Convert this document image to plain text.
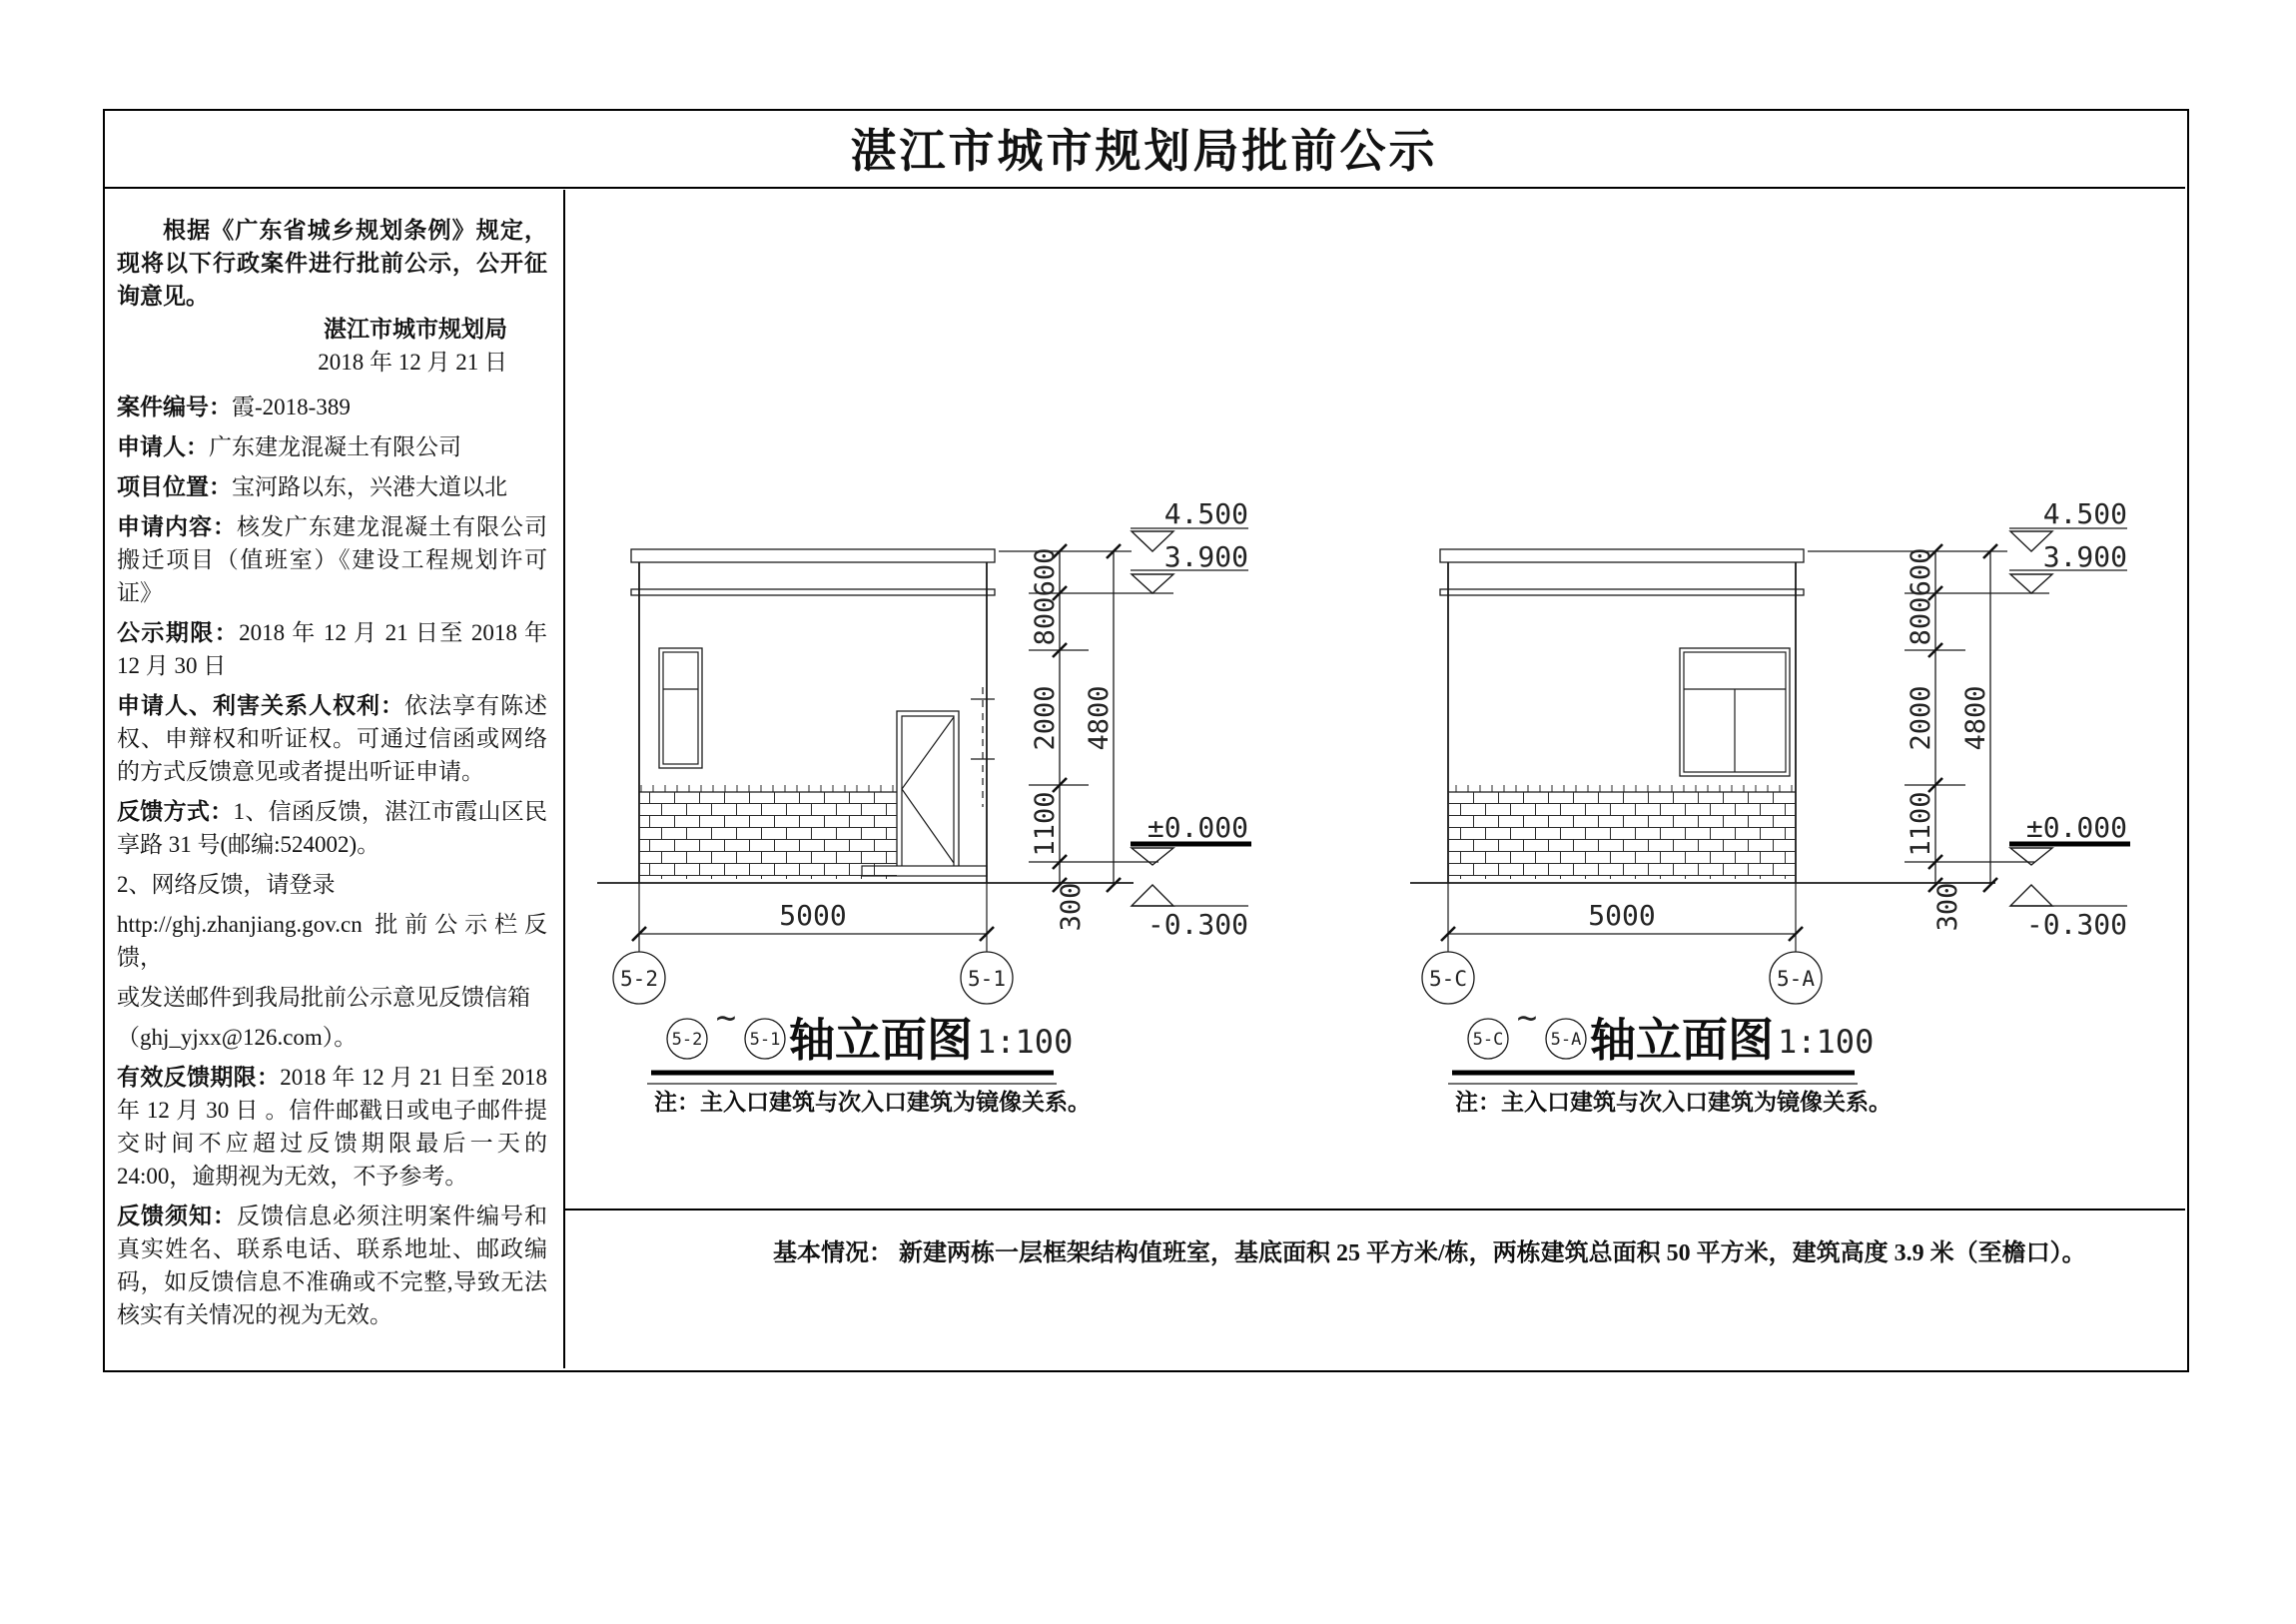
湛江市城市规划局批前公示

根据《广东省城乡规划条例》规定，现将以下行政案件进行批前公示，公开征询意见。

湛江市城市规划局

2018 年 12 月 21 日

案件编号：霞-2018-389

申请人：广东建龙混凝土有限公司

项目位置：宝河路以东，兴港大道以北

申请内容：核发广东建龙混凝土有限公司搬迁项目（值班室）《建设工程规划许可证》

公示期限：2018 年 12 月 21 日至 2018 年 12 月 30 日

申请人、利害关系人权利：依法享有陈述权、申辩权和听证权。可通过信函或网络的方式反馈意见或者提出听证申请。

反馈方式：1、信函反馈，湛江市霞山区民享路 31 号(邮编:524002)。

2、网络反馈，请登录

http://ghj.zhanjiang.gov.cn 批前公示栏反馈，

或发送邮件到我局批前公示意见反馈信箱

（ghj_yjxx@126.com）。

有效反馈期限：2018 年 12 月 21 日至 2018 年 12 月 30 日 。信件邮戳日或电子邮件提交时间不应超过反馈期限最后一天的 24:00，逾期视为无效，不予参考。

反馈须知：反馈信息必须注明案件编号和真实姓名、联系电话、联系地址、邮政编码，如反馈信息不准确或不完整,导致无法核实有关情况的视为无效。

600
800
2000
1100
4800
300
4.500
3.900
±0.000
-0.300
5000
5-2	5-1
5-2
~
5-1 轴立面图 1:100
注：主入口建筑与次入口建筑为镜像关系。
600
800
2000
1100
4800
300
4.500
3.900
±0.000
-0.300
5000
5-C	5-A
5-C
~
5-A 轴立面图 1:100
注：主入口建筑与次入口建筑为镜像关系。
基本情况： 新建两栋一层框架结构值班室，基底面积 25 平方米/栋，两栋建筑总面积 50 平方米，建筑高度 3.9 米（至檐口）。
